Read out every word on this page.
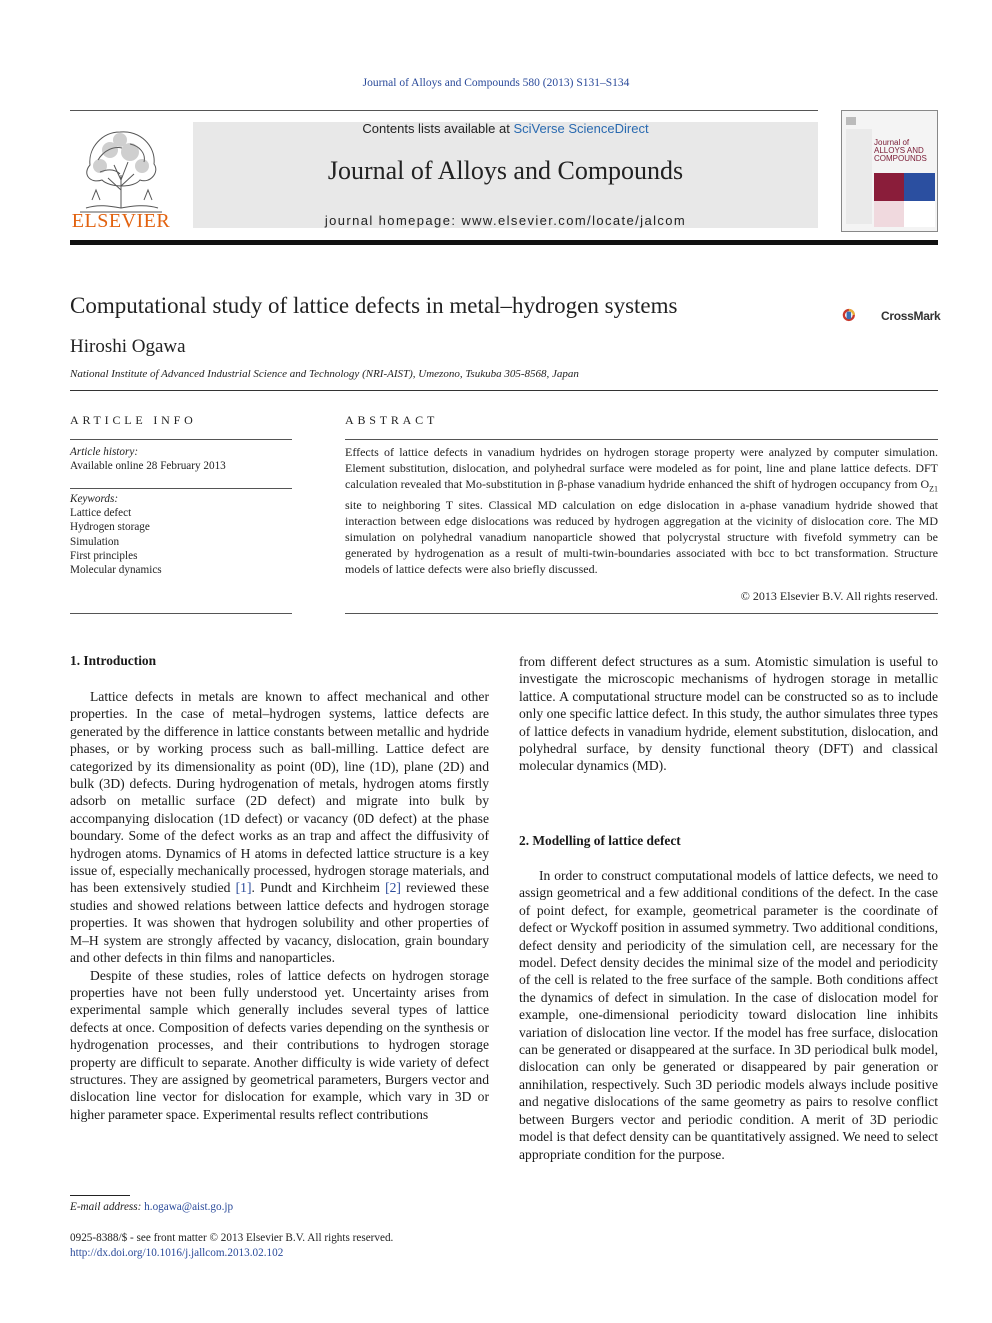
Journal of Alloys and Compounds 580 (2013) S131–S134
ELSEVIER
Contents lists available at SciVerse ScienceDirect
Journal of Alloys and Compounds
journal homepage: www.elsevier.com/locate/jalcom
Journal of ALLOYS AND COMPOUNDS
Computational study of lattice defects in metal–hydrogen systems	CrossMark
Hiroshi Ogawa
National Institute of Advanced Industrial Science and Technology (NRI-AIST), Umezono, Tsukuba 305-8568, Japan
ARTICLE INFO
Article history:
Available online 28 February 2013
Keywords:
Lattice defect
Hydrogen storage
Simulation
First principles
Molecular dynamics
ABSTRACT
Effects of lattice defects in vanadium hydrides on hydrogen storage property were analyzed by computer simulation. Element substitution, dislocation, and polyhedral surface were modeled as for point, line and plane lattice defects. DFT calculation revealed that Mo-substitution in β-phase vanadium hydride enhanced the shift of hydrogen occupancy from $O_{Z1}$ site to neighboring T sites. Classical MD calculation on edge dislocation in a-phase vanadium hydride showed that interaction between edge dislocations was reduced by hydrogen aggregation at the vicinity of dislocation core. The MD simulation on polyhedral vanadium nanoparticle showed that polycrystal structure with fivefold symmetry can be generated by hydrogenation as a result of multi-twin-boundaries associated with bcc to bct transformation. Structure models of lattice defects were also briefly discussed.
© 2013 Elsevier B.V. All rights reserved.
1. Introduction

Lattice defects in metals are known to affect mechanical and other properties. In the case of metal–hydrogen systems, lattice defects are generated by the difference in lattice constants between metallic and hydride phases, or by working process such as ball-milling. Lattice defect are categorized by its dimensionality as point (0D), line (1D), plane (2D) and bulk (3D) defects. During hydrogenation of metals, hydrogen atoms firstly adsorb on metallic surface (2D defect) and migrate into bulk by accompanying dislocation (1D defect) or vacancy (0D defect) at the phase boundary. Some of the defect works as an trap and affect the diffusivity of hydrogen atoms. Dynamics of H atoms in defected lattice structure is a key issue of, especially mechanically processed, hydrogen storage materials, and has been extensively studied [1]. Pundt and Kirchheim [2] reviewed these studies and showed relations between lattice defects and hydrogen storage properties. It was showen that hydrogen solubility and other properties of M–H system are strongly affected by vacancy, dislocation, grain boundary and other defects in thin films and nanoparticles.

Despite of these studies, roles of lattice defects on hydrogen storage properties have not been fully understood yet. Uncertainty arises from experimental sample which generally includes several types of lattice defects at once. Composition of defects varies depending on the synthesis or hydrogenation processes, and their contributions to hydrogen storage property are difficult to separate. Another difficulty is wide variety of defect structures. They are assigned by geometrical parameters, Burgers vector and dislocation line vector for dislocation for example, which vary in 3D or higher parameter space. Experimental results reflect contributions

from different defect structures as a sum. Atomistic simulation is useful to investigate the microscopic mechanisms of hydrogen storage in metallic lattice. A computational structure model can be constructed so as to include only one specific lattice defect. In this study, the author simulates three types of lattice defects in vanadium hydride, element substitution, dislocation, and polyhedral surface, by density functional theory (DFT) and classical molecular dynamics (MD).

2. Modelling of lattice defect

In order to construct computational models of lattice defects, we need to assign geometrical and a few additional conditions of the defect. In the case of point defect, for example, geometrical parameter is the coordinate of defect or Wyckoff position in assumed symmetry. Two additional conditions, defect density and periodicity of the simulation cell, are necessary for the model. Defect density decides the minimal size of the model and periodicity of the cell is related to the free surface of the sample. Both conditions affect the dynamics of defect in simulation. In the case of dislocation model for example, one-dimensional periodicity toward dislocation line inhibits variation of dislocation line vector. If the model has free surface, dislocation can be generated or disappeared at the surface. In 3D periodical bulk model, dislocation can only be generated or disappeared by pair generation or annihilation, respectively. Such 3D periodic models always include positive and negative dislocations of the same geometry as pairs to resolve conflict between Burgers vector and periodic condition. A merit of 3D periodic model is that defect density can be quantitatively assigned. We need to select appropriate condition for the purpose.

E-mail address: h.ogawa@aist.go.jp
0925-8388/$ - see front matter © 2013 Elsevier B.V. All rights reserved.
http://dx.doi.org/10.1016/j.jallcom.2013.02.102
